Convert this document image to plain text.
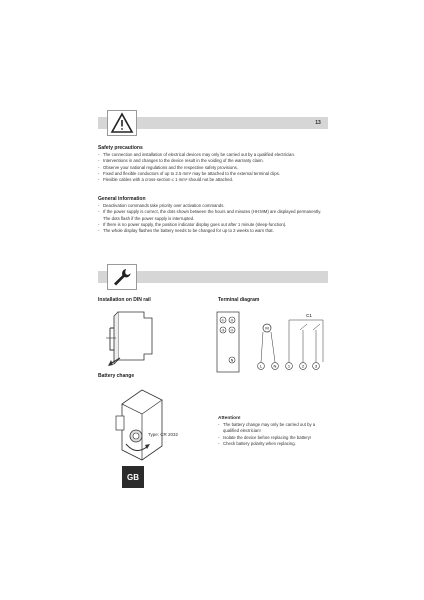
13
Safety precautions
- The connection and installation of electrical devices may only be carried out by a qualified electrician.
- Interventions in and changes to the device result in the voiding of the warranty claim.
- Observe your national regulations and the respective safety provisions.
- Fixed and flexible conductors of up to 2.5 mm² may be attached to the external terminal clips.
- Flexible cables with a cross-section ≤ 1 mm² should not be attached.
General information
- Deactivation commands take priority over activation commands.
- If the power supply is correct, the dots shown between the hours and minutes (HH:MM) are displayed permanently. The dots flash if the power supply is interrupted.
- If there is no power supply, the position indicator display goes out after 1 minute (sleep-function).
- The whole display flashes the battery needs to be changed for up to 2 weeks to warn that.
Installation on DIN rail	Terminal diagram
① ②
③ ④
N
M
C1
L	N	1	2	3
Battery change
Type: CR 2032
Attention!
- The battery change may only be carried out by a qualified electrician!
- Isolate the device before replacing the battery!
- Check battery polarity when replacing.
GB
